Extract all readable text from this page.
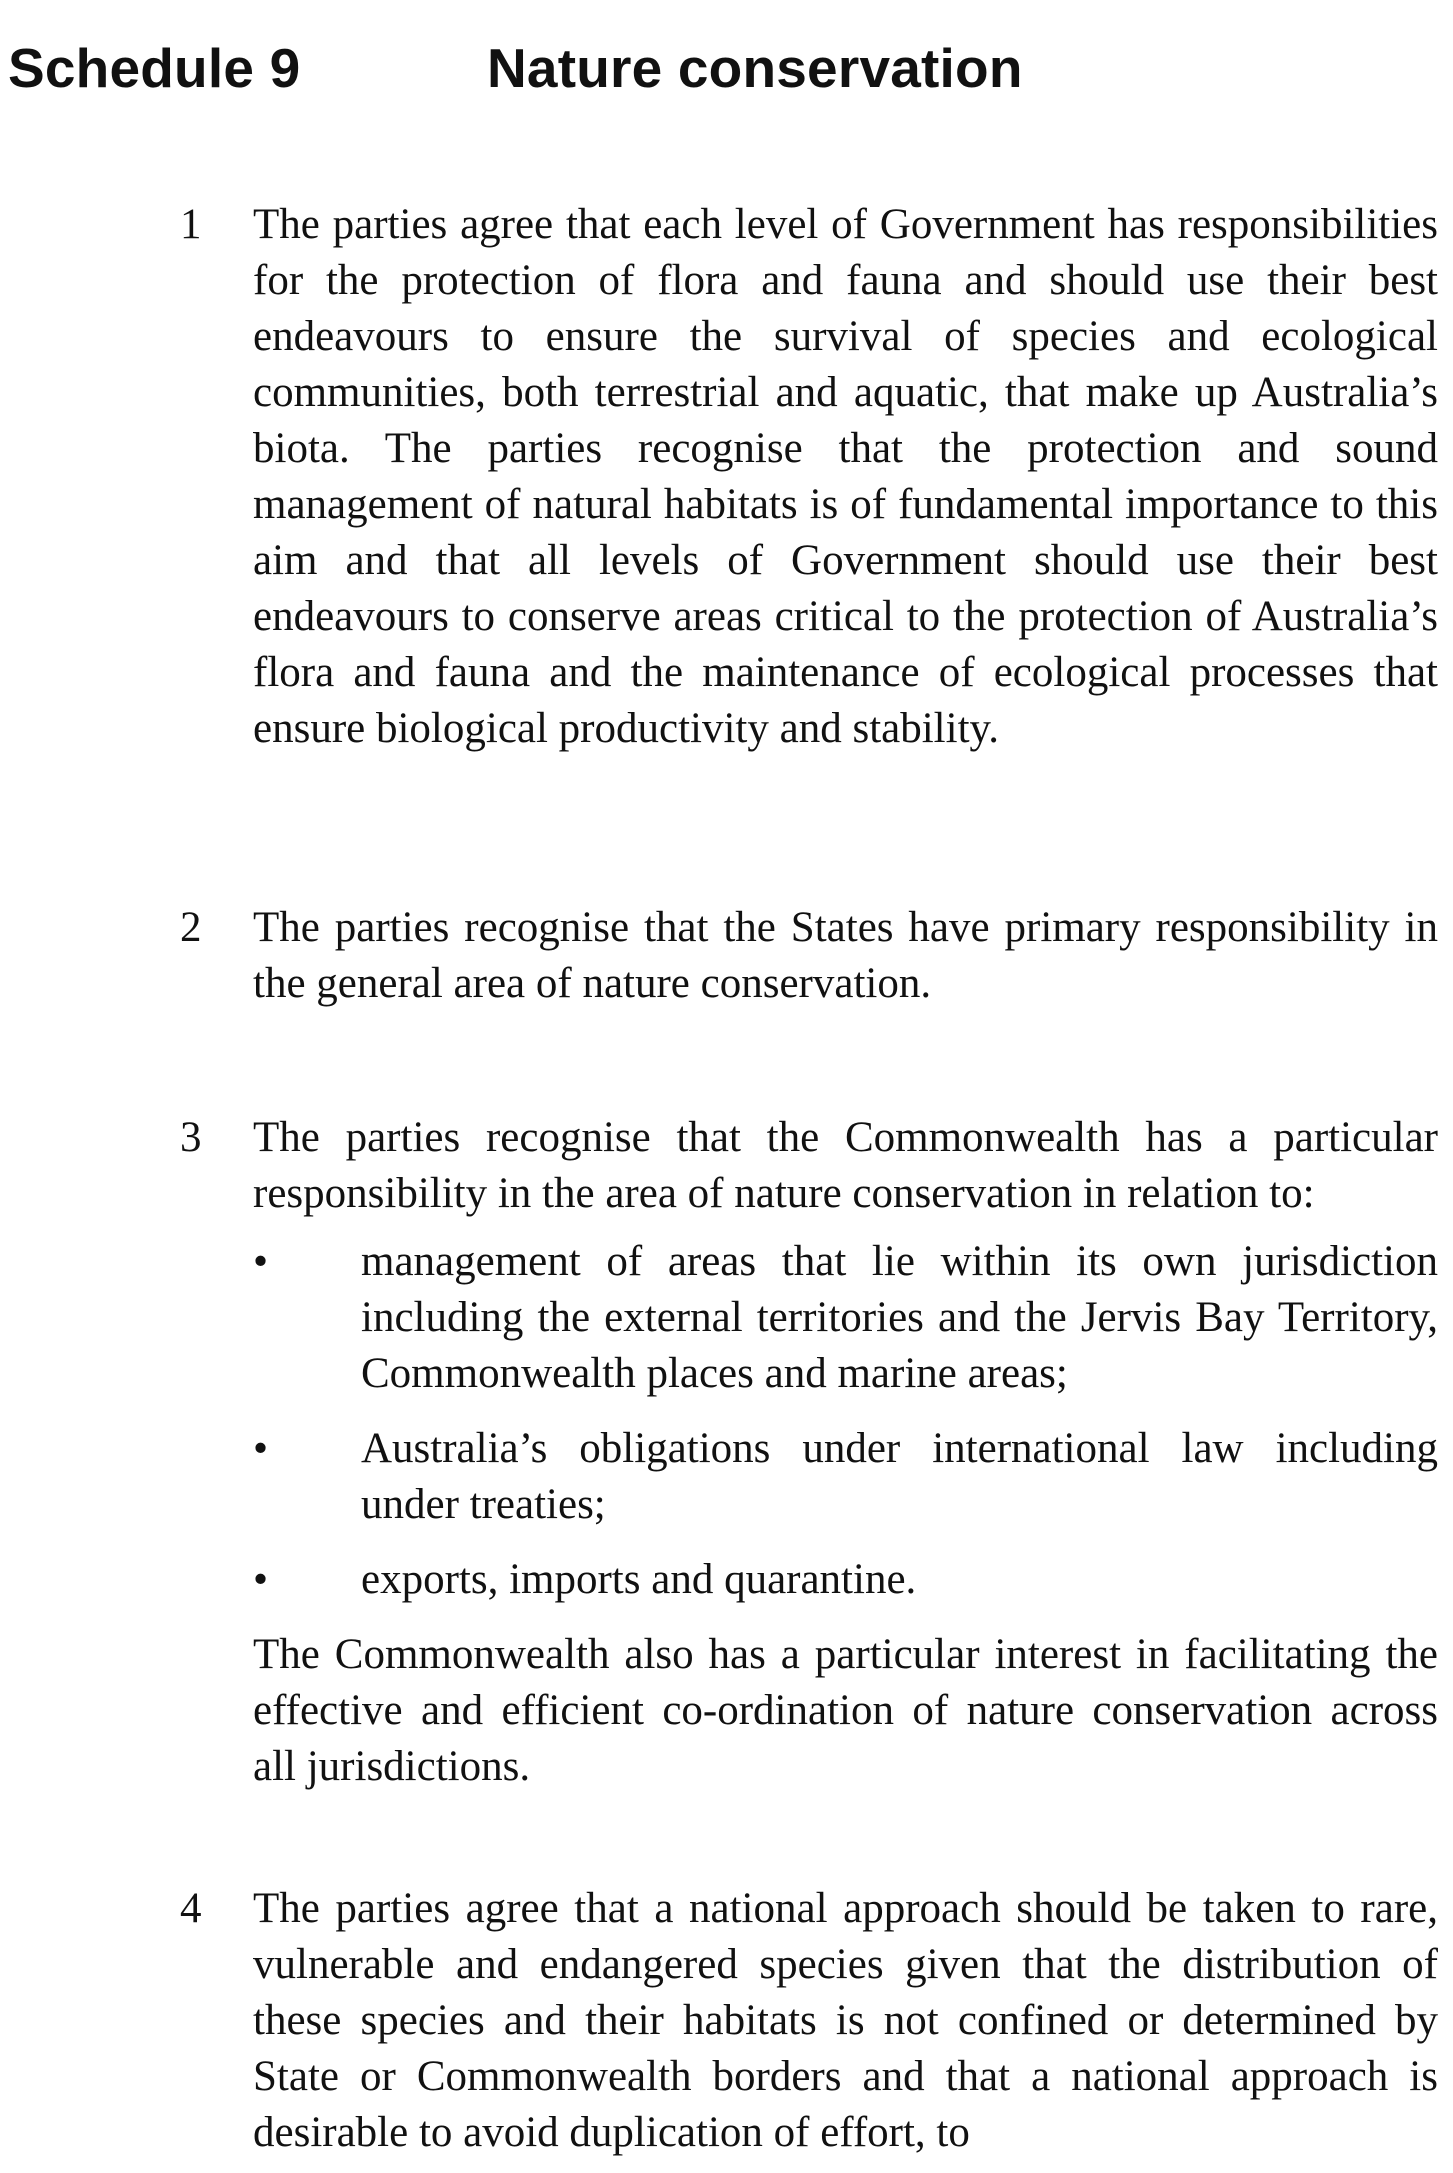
Schedule 9	Nature conservation
1	The parties agree that each level of Government has responsibilities for the protection of flora and fauna and should use their best endeavours to ensure the survival of species and ecological communities, both terrestrial and aquatic, that make up Australia’s biota. The parties recognise that the protection and sound management of natural habitats is of fundamental importance to this aim and that all levels of Government should use their best endeavours to conserve areas critical to the protection of Australia’s flora and fauna and the maintenance of ecological processes that ensure biological productivity and stability.
2	The parties recognise that the States have primary responsibility in the general area of nature conservation.
3	The parties recognise that the Commonwealth has a particular responsibility in the area of nature conservation in relation to:
•	management of areas that lie within its own jurisdiction including the external territories and the Jervis Bay Territory, Commonwealth places and marine areas;
•	Australia’s obligations under international law including under treaties;
•	exports, imports and quarantine.
The Commonwealth also has a particular interest in facilitating the effective and efficient co-ordination of nature conservation across all jurisdictions.
4	The parties agree that a national approach should be taken to rare, vulnerable and endangered species given that the distribution of these species and their habitats is not confined or determined by State or Commonwealth borders and that a national approach is desirable to avoid duplication of effort, to
